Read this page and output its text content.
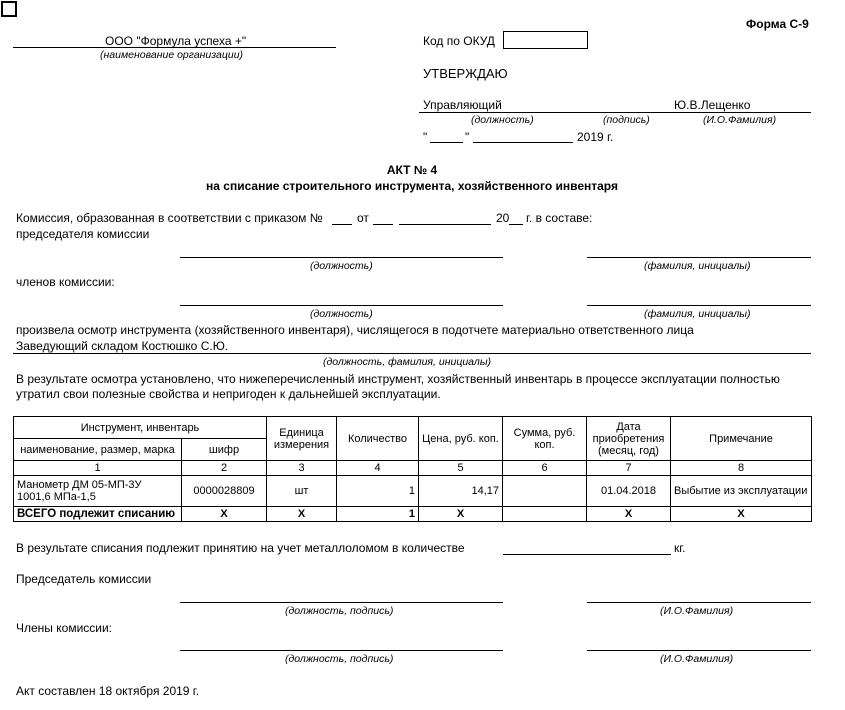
Форма С-9
ООО "Формула успеха +"
(наименование организации)
Код по ОКУД
УТВЕРЖДАЮ
Управляющий	Ю.В.Лещенко
(должность)	(подпись)	(И.О.Фамилия)
"	"	2019 г.
АКТ № 4
на списание строительного инструмента, хозяйственного инвентаря
Комиссия, образованная в соответствии с приказом №	от	20 г. в составе:
председателя комиссии
(должность)	(фамилия, инициалы)
членов комиссии:
(должность)	(фамилия, инициалы)
произвела осмотр инструмента (хозяйственного инвентаря), числящегося в подотчете материально ответственного лица
Заведующий складом Костюшко С.Ю.
(должность, фамилия, инициалы)
В результате осмотра установлено, что нижеперечисленный инструмент, хозяйственный инвентарь в процессе эксплуатации полностью
утратил свои полезные свойства и непригоден к дальнейшей эксплуатации.
Инструмент, инвентарь		Единица измерения	Количество	Цена, руб. коп.	Сумма, руб. коп.	Дата приобретения (месяц, год)	Примечание
наименование, размер, марка	шифр						
1	2	3	4	5	6	7	8
Манометр ДМ 05-МП-3У 1001,6 МПа-1,5	0000028809	шт	1	14,17		01.04.2018	Выбытие из эксплуатации
ВСЕГО подлежит списанию	Х	Х	1	Х		Х	Х
В результате списания подлежит принятию на учет металлоломом в количестве	кг.
Председатель комиссии
(должность, подпись)	(И.О.Фамилия)
Члены комиссии:
(должность, подпись)	(И.О.Фамилия)
Акт составлен 18 октября 2019 г.
